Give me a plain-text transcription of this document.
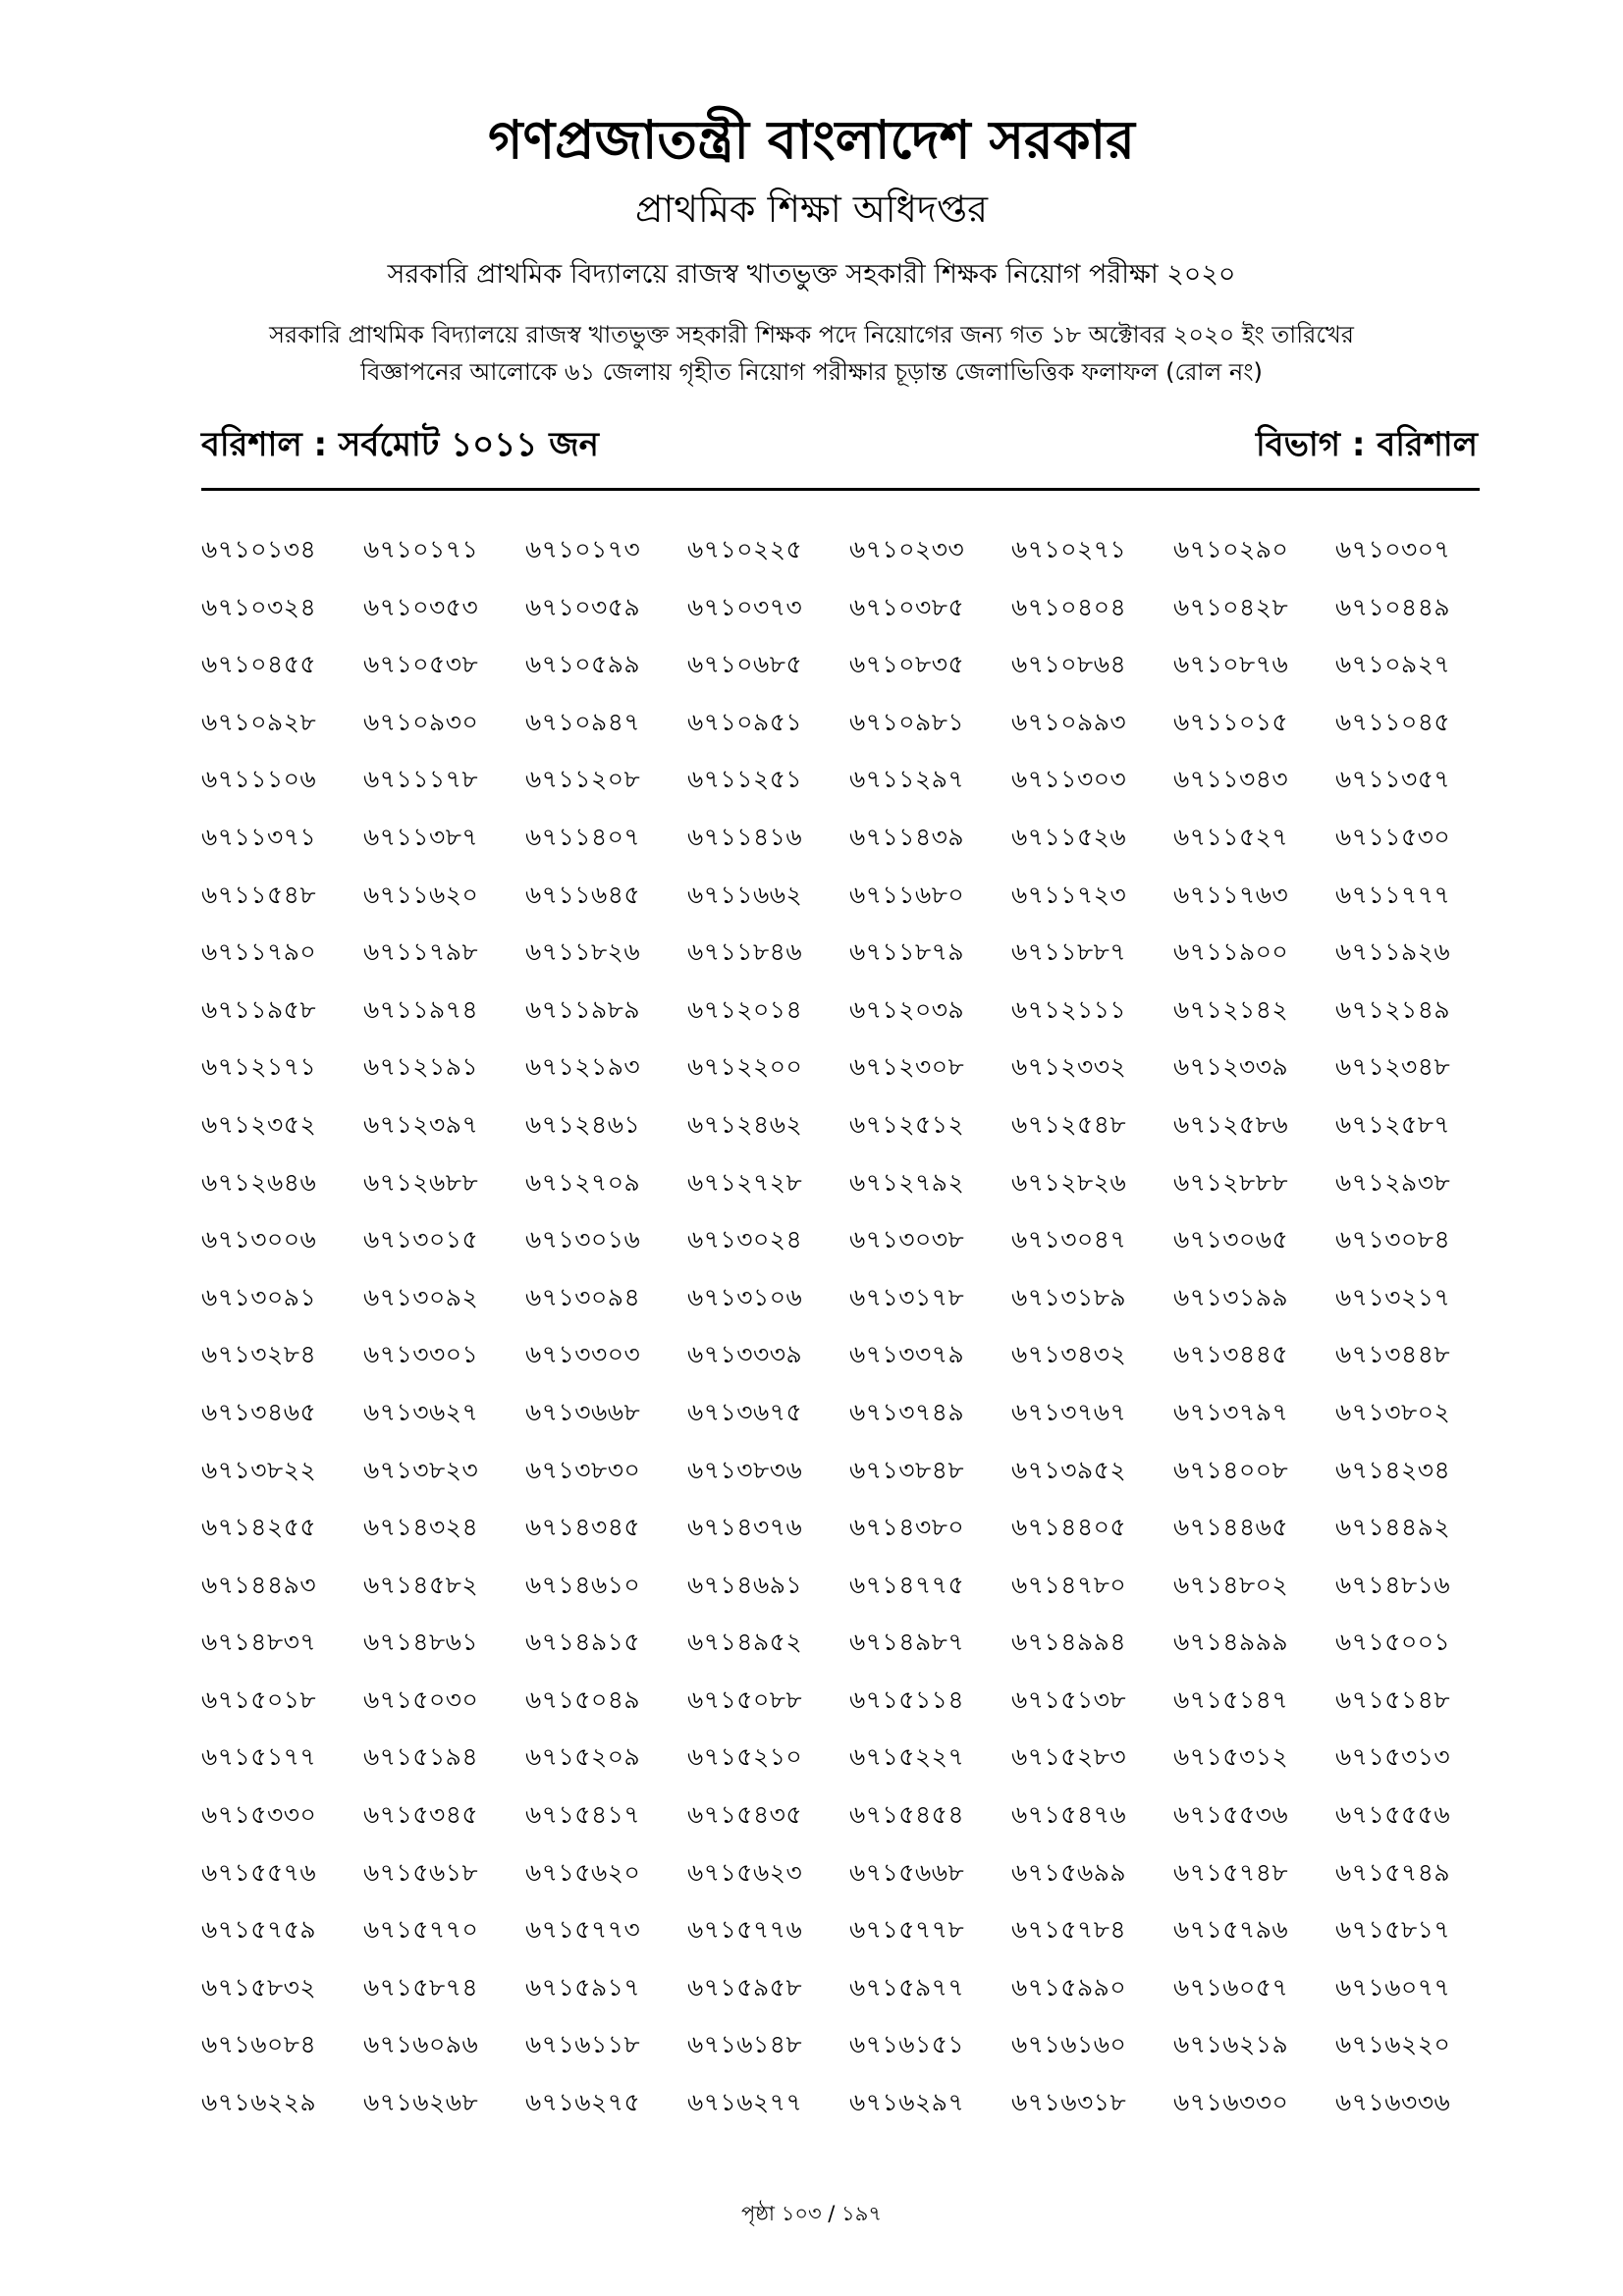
গণপ্রজাতন্ত্রী বাংলাদেশ সরকার
প্রাথমিক শিক্ষা অধিদপ্তর
সরকারি প্রাথমিক বিদ্যালয়ে রাজস্ব খাতভুক্ত সহকারী শিক্ষক নিয়োগ পরীক্ষা ২০২০
সরকারি প্রাথমিক বিদ্যালয়ে রাজস্ব খাতভুক্ত সহকারী শিক্ষক পদে নিয়োগের জন্য গত ১৮ অক্টোবর ২০২০ ইং তারিখের
বিজ্ঞাপনের আলোকে ৬১ জেলায় গৃহীত নিয়োগ পরীক্ষার চূড়ান্ত জেলাভিত্তিক ফলাফল (রোল নং)
বরিশাল : সর্বমোট ১০১১ জন	বিভাগ : বরিশাল
৬৭১০১৩৪	৬৭১০১৭১	৬৭১০১৭৩	৬৭১০২২৫	৬৭১০২৩৩	৬৭১০২৭১	৬৭১০২৯০	৬৭১০৩০৭
৬৭১০৩২৪	৬৭১০৩৫৩	৬৭১০৩৫৯	৬৭১০৩৭৩	৬৭১০৩৮৫	৬৭১০৪০৪	৬৭১০৪২৮	৬৭১০৪৪৯
৬৭১০৪৫৫	৬৭১০৫৩৮	৬৭১০৫৯৯	৬৭১০৬৮৫	৬৭১০৮৩৫	৬৭১০৮৬৪	৬৭১০৮৭৬	৬৭১০৯২৭
৬৭১০৯২৮	৬৭১০৯৩০	৬৭১০৯৪৭	৬৭১০৯৫১	৬৭১০৯৮১	৬৭১০৯৯৩	৬৭১১০১৫	৬৭১১০৪৫
৬৭১১১০৬	৬৭১১১৭৮	৬৭১১২০৮	৬৭১১২৫১	৬৭১১২৯৭	৬৭১১৩০৩	৬৭১১৩৪৩	৬৭১১৩৫৭
৬৭১১৩৭১	৬৭১১৩৮৭	৬৭১১৪০৭	৬৭১১৪১৬	৬৭১১৪৩৯	৬৭১১৫২৬	৬৭১১৫২৭	৬৭১১৫৩০
৬৭১১৫৪৮	৬৭১১৬২০	৬৭১১৬৪৫	৬৭১১৬৬২	৬৭১১৬৮০	৬৭১১৭২৩	৬৭১১৭৬৩	৬৭১১৭৭৭
৬৭১১৭৯০	৬৭১১৭৯৮	৬৭১১৮২৬	৬৭১১৮৪৬	৬৭১১৮৭৯	৬৭১১৮৮৭	৬৭১১৯০০	৬৭১১৯২৬
৬৭১১৯৫৮	৬৭১১৯৭৪	৬৭১১৯৮৯	৬৭১২০১৪	৬৭১২০৩৯	৬৭১২১১১	৬৭১২১৪২	৬৭১২১৪৯
৬৭১২১৭১	৬৭১২১৯১	৬৭১২১৯৩	৬৭১২২০০	৬৭১২৩০৮	৬৭১২৩৩২	৬৭১২৩৩৯	৬৭১২৩৪৮
৬৭১২৩৫২	৬৭১২৩৯৭	৬৭১২৪৬১	৬৭১২৪৬২	৬৭১২৫১২	৬৭১২৫৪৮	৬৭১২৫৮৬	৬৭১২৫৮৭
৬৭১২৬৪৬	৬৭১২৬৮৮	৬৭১২৭০৯	৬৭১২৭২৮	৬৭১২৭৯২	৬৭১২৮২৬	৬৭১২৮৮৮	৬৭১২৯৩৮
৬৭১৩০০৬	৬৭১৩০১৫	৬৭১৩০১৬	৬৭১৩০২৪	৬৭১৩০৩৮	৬৭১৩০৪৭	৬৭১৩০৬৫	৬৭১৩০৮৪
৬৭১৩০৯১	৬৭১৩০৯২	৬৭১৩০৯৪	৬৭১৩১০৬	৬৭১৩১৭৮	৬৭১৩১৮৯	৬৭১৩১৯৯	৬৭১৩২১৭
৬৭১৩২৮৪	৬৭১৩৩০১	৬৭১৩৩০৩	৬৭১৩৩৩৯	৬৭১৩৩৭৯	৬৭১৩৪৩২	৬৭১৩৪৪৫	৬৭১৩৪৪৮
৬৭১৩৪৬৫	৬৭১৩৬২৭	৬৭১৩৬৬৮	৬৭১৩৬৭৫	৬৭১৩৭৪৯	৬৭১৩৭৬৭	৬৭১৩৭৯৭	৬৭১৩৮০২
৬৭১৩৮২২	৬৭১৩৮২৩	৬৭১৩৮৩০	৬৭১৩৮৩৬	৬৭১৩৮৪৮	৬৭১৩৯৫২	৬৭১৪০০৮	৬৭১৪২৩৪
৬৭১৪২৫৫	৬৭১৪৩২৪	৬৭১৪৩৪৫	৬৭১৪৩৭৬	৬৭১৪৩৮০	৬৭১৪৪০৫	৬৭১৪৪৬৫	৬৭১৪৪৯২
৬৭১৪৪৯৩	৬৭১৪৫৮২	৬৭১৪৬১০	৬৭১৪৬৯১	৬৭১৪৭৭৫	৬৭১৪৭৮০	৬৭১৪৮০২	৬৭১৪৮১৬
৬৭১৪৮৩৭	৬৭১৪৮৬১	৬৭১৪৯১৫	৬৭১৪৯৫২	৬৭১৪৯৮৭	৬৭১৪৯৯৪	৬৭১৪৯৯৯	৬৭১৫০০১
৬৭১৫০১৮	৬৭১৫০৩০	৬৭১৫০৪৯	৬৭১৫০৮৮	৬৭১৫১১৪	৬৭১৫১৩৮	৬৭১৫১৪৭	৬৭১৫১৪৮
৬৭১৫১৭৭	৬৭১৫১৯৪	৬৭১৫২০৯	৬৭১৫২১০	৬৭১৫২২৭	৬৭১৫২৮৩	৬৭১৫৩১২	৬৭১৫৩১৩
৬৭১৫৩৩০	৬৭১৫৩৪৫	৬৭১৫৪১৭	৬৭১৫৪৩৫	৬৭১৫৪৫৪	৬৭১৫৪৭৬	৬৭১৫৫৩৬	৬৭১৫৫৫৬
৬৭১৫৫৭৬	৬৭১৫৬১৮	৬৭১৫৬২০	৬৭১৫৬২৩	৬৭১৫৬৬৮	৬৭১৫৬৯৯	৬৭১৫৭৪৮	৬৭১৫৭৪৯
৬৭১৫৭৫৯	৬৭১৫৭৭০	৬৭১৫৭৭৩	৬৭১৫৭৭৬	৬৭১৫৭৭৮	৬৭১৫৭৮৪	৬৭১৫৭৯৬	৬৭১৫৮১৭
৬৭১৫৮৩২	৬৭১৫৮৭৪	৬৭১৫৯১৭	৬৭১৫৯৫৮	৬৭১৫৯৭৭	৬৭১৫৯৯০	৬৭১৬০৫৭	৬৭১৬০৭৭
৬৭১৬০৮৪	৬৭১৬০৯৬	৬৭১৬১১৮	৬৭১৬১৪৮	৬৭১৬১৫১	৬৭১৬১৬০	৬৭১৬২১৯	৬৭১৬২২০
৬৭১৬২২৯	৬৭১৬২৬৮	৬৭১৬২৭৫	৬৭১৬২৭৭	৬৭১৬২৯৭	৬৭১৬৩১৮	৬৭১৬৩৩০	৬৭১৬৩৩৬
পৃষ্ঠা ১০৩ / ১৯৭
